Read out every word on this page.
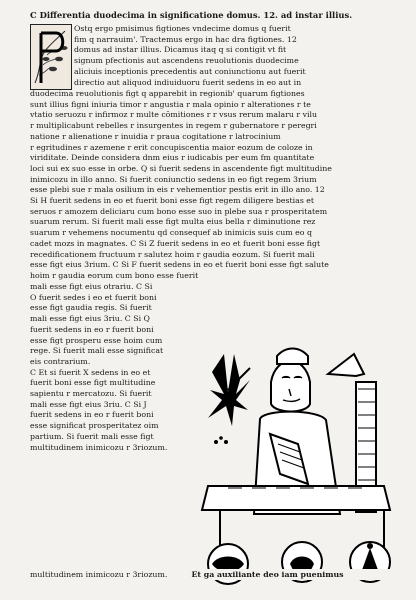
C Differentia duodecima in significatione domus. 12. ad instar illius.
Ostq ergo pmisimus figtiones vndecime domus q fuerit
fim q narrauim'. Tractemus ergo in hac dra figtiones. 12
domus ad instar illius. Dicamus itaq q si contigit vt fit
signum pfectionis aut ascendens reuolutionis duodecime
aliciuis inceptionis precedentis aut coniunctionu aut fuerit
directio aut aliquod indiuiduoru fuerit sedens in eo aut in
duodecima reuolutionis figt q apparebit in regionib' quarum figtiones
sunt illius figni iniuria timor r angustia r mala opinio r alterationes r te
vtatio seruozu r infirmoz r multe cōmitiones r r vsus rerum malaru r vilu
r multiplicabunt rebelles r insurgentes in regem r gubernatore r peregri
natione r alienatione r inuidia r praua cogitatione r latrocinium
r egritudines r azemene r erit concupiscentia maior eozum de coloze in
viriditate. Deinde considera dnm eius r iudicabis per eum fm quantitate
loci sui ex suo esse in orbe. Q si fuerit sedens in ascendente figt multitudine
inimicozu in illo anno. Si fuerit coniunctio sedens in eo figt regem 3rium
esse plebi sue r mala osilium in eis r vehementior pestis erit in illo ano. 12
Si H fuerit sedens in eo et fuerit boni esse figt regem diligere bestias et
seruos r amozem deliciaru cum bono esse suo in plebe sua r prosperitatem
suarum rerum. Si fuerit mali esse figt multa eius bella r diminutione rez
suarum r vehemens nocumentu qd consequef ab inimicis suis cum eo q
cadet mozs in magnates. C Si Z fuerit sedens in eo et fuerit boni esse figt
recedificationem fructuum r salutez hoim r gaudia eozum. Si fuerit mali
esse figt eius 3rium. C Si F fuerit sedens in eo et fuerit boni esse figt salute
hoim r gaudia eorum cum bono esse fuerit
mali esse figt eius otrariu. C Si
O fuerit sedes i eo et fuerit boni
esse figt gaudia regis. Si fuerit
mali esse figt eius 3riu. C Si Q
fuerit sedens in eo r fuerit boni
esse figt prosperu esse hoim cum
rege. Si fuerit mali esse significat
eis contrarium.
C Et si fuerit X sedens in eo et
fuerit boni esse figt multitudine
sapientu r mercatozu. Si fuerit
mali esse figt eius 3riu. C Si J
fuerit sedens in eo r fuerit boni
esse significat prosperitatez oim
partium. Si fuerit mali esse figt
multitudinem inimicozu r 3riozum.
multitudinem inimicozu r 3riozum.	Et ga auxiliante deo iam puenimus
